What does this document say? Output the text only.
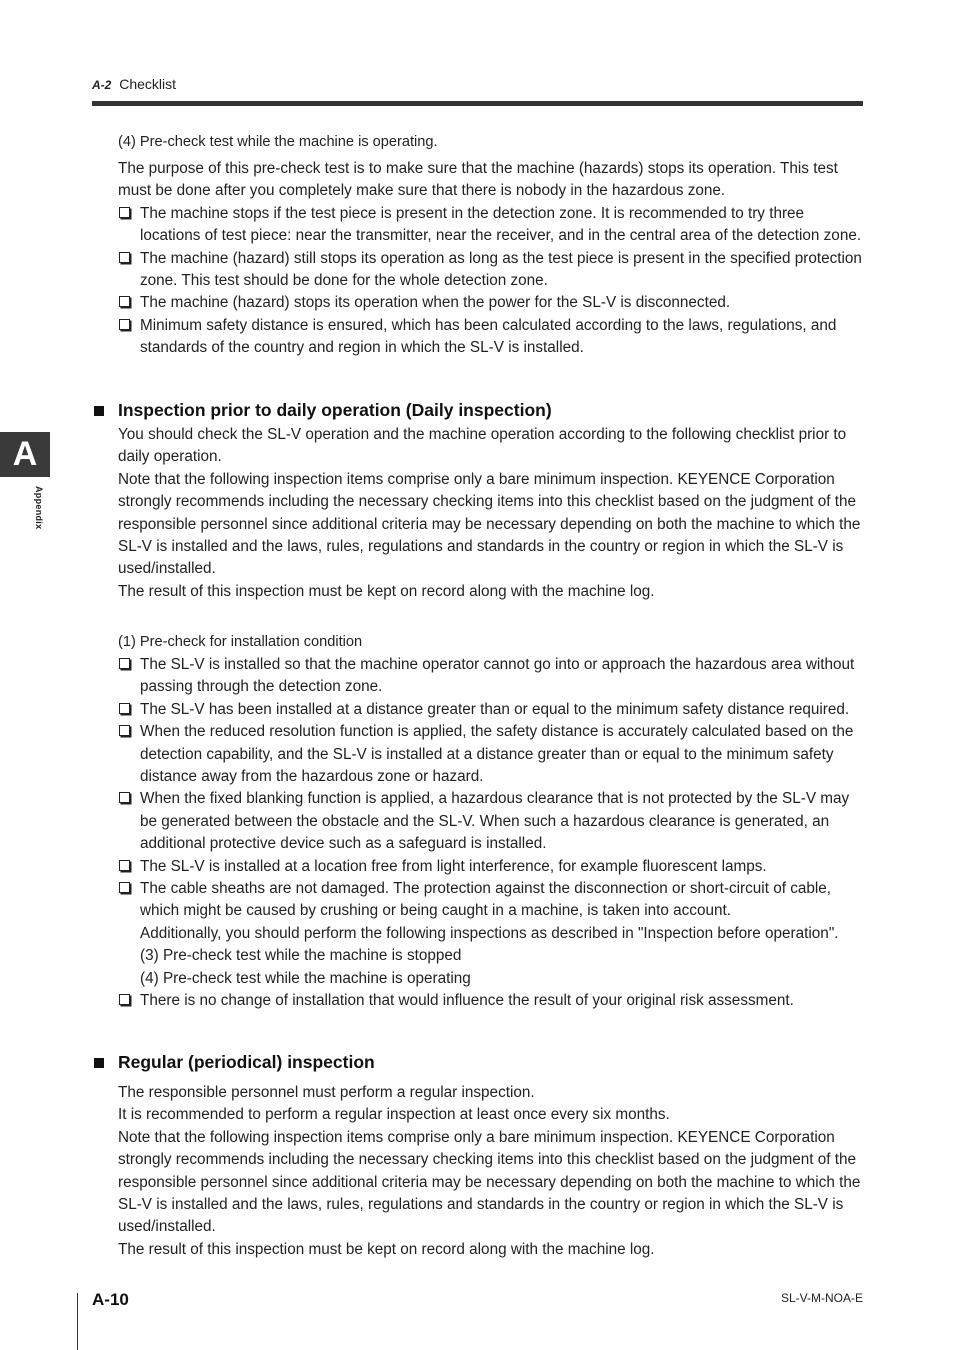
A-2 Checklist
A
Appendix
(4) Pre-check test while the machine is operating.

The purpose of this pre-check test is to make sure that the machine (hazards) stops its operation. This test must be done after you completely make sure that there is nobody in the hazardous zone.

The machine stops if the test piece is present in the detection zone. It is recommended to try three locations of test piece: near the transmitter, near the receiver, and in the central area of the detection zone.
The machine (hazard) still stops its operation as long as the test piece is present in the specified protection zone. This test should be done for the whole detection zone.
The machine (hazard) stops its operation when the power for the SL-V is disconnected.
Minimum safety distance is ensured, which has been calculated according to the laws, regulations, and standards of the country and region in which the SL-V is installed.

You should check the SL-V operation and the machine operation according to the following checklist prior to daily operation.

Note that the following inspection items comprise only a bare minimum inspection. KEYENCE Corporation strongly recommends including the necessary checking items into this checklist based on the judgment of the responsible personnel since additional criteria may be necessary depending on both the machine to which the SL-V is installed and the laws, rules, regulations and standards in the country or region in which the SL-V is used/installed.

The result of this inspection must be kept on record along with the machine log.

(1) Pre-check for installation condition
The SL-V is installed so that the machine operator cannot go into or approach the hazardous area without passing through the detection zone.
The SL-V has been installed at a distance greater than or equal to the minimum safety distance required.
When the reduced resolution function is applied, the safety distance is accurately calculated based on the detection capability, and the SL-V is installed at a distance greater than or equal to the minimum safety distance away from the hazardous zone or hazard.
When the fixed blanking function is applied, a hazardous clearance that is not protected by the SL-V may be generated between the obstacle and the SL-V. When such a hazardous clearance is generated, an additional protective device such as a safeguard is installed.
The SL-V is installed at a location free from light interference, for example fluorescent lamps.
The cable sheaths are not damaged. The protection against the disconnection or short-circuit of cable, which might be caused by crushing or being caught in a machine, is taken into account.

Additionally, you should perform the following inspections as described in "Inspection before operation".

(3) Pre-check test while the machine is stopped

(4) Pre-check test while the machine is operating

There is no change of installation that would influence the result of your original risk assessment.

The responsible personnel must perform a regular inspection.

It is recommended to perform a regular inspection at least once every six months.

Note that the following inspection items comprise only a bare minimum inspection. KEYENCE Corporation strongly recommends including the necessary checking items into this checklist based on the judgment of the responsible personnel since additional criteria may be necessary depending on both the machine to which the SL-V is installed and the laws, rules, regulations and standards in the country or region in which the SL-V is used/installed.

The result of this inspection must be kept on record along with the machine log.

Inspection prior to daily operation (Daily inspection)
Regular (periodical) inspection
A-10	SL-V-M-NOA-E
